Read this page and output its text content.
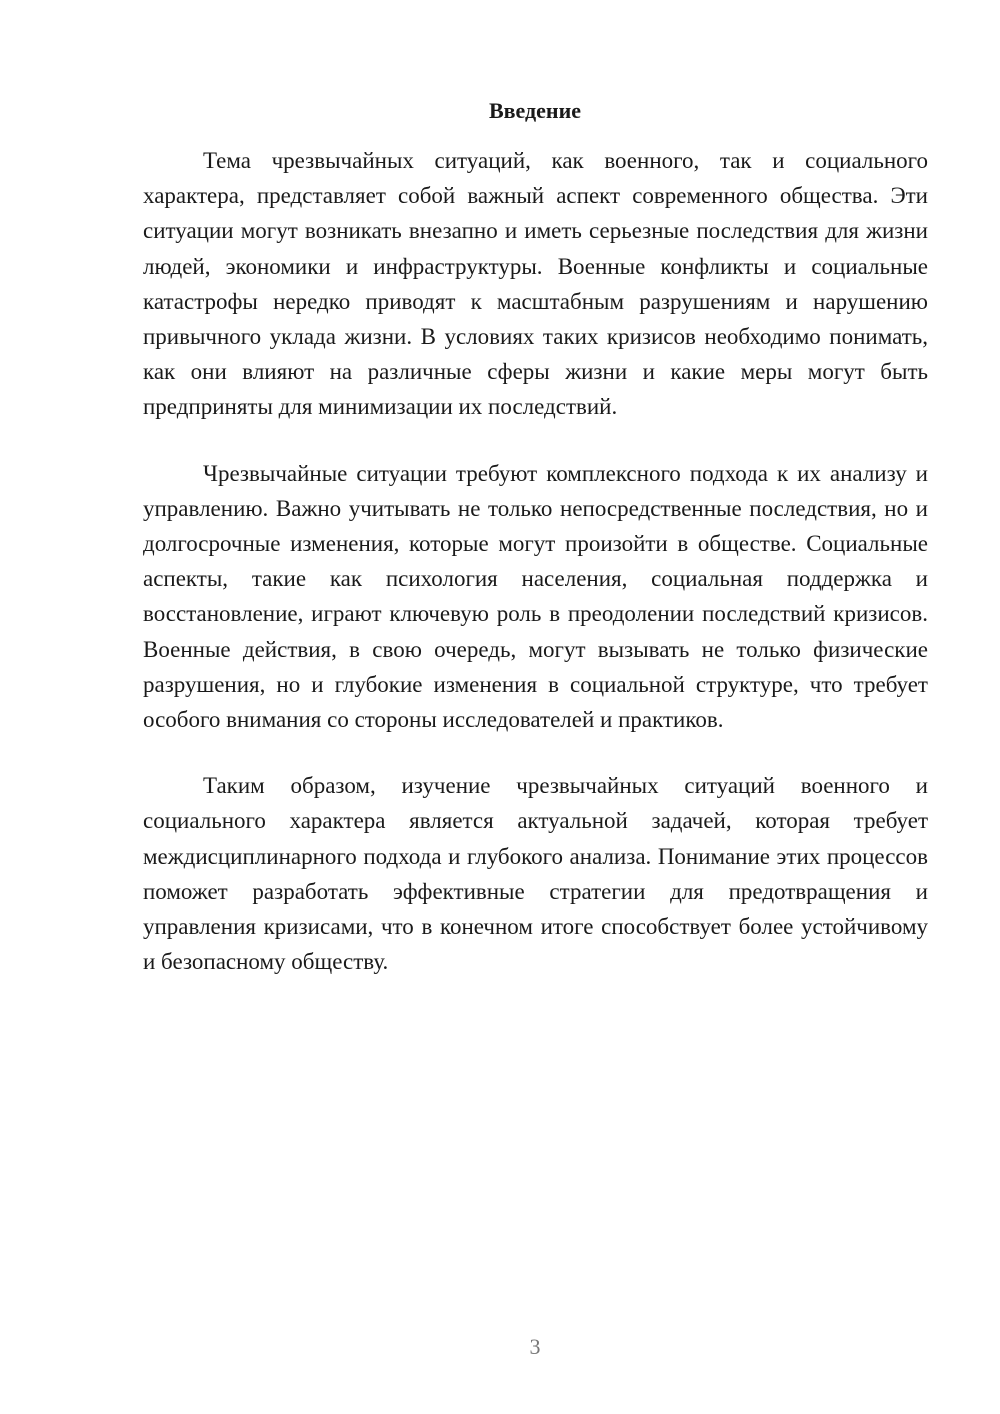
Введение

Тема чрезвычайных ситуаций, как военного, так и социального характера, представляет собой важный аспект современного общества. Эти ситуации могут возникать внезапно и иметь серьезные последствия для жизни людей, экономики и инфраструктуры. Военные конфликты и социальные катастрофы нередко приводят к масштабным разрушениям и нарушению привычного уклада жизни. В условиях таких кризисов необходимо понимать, как они влияют на различные сферы жизни и какие меры могут быть предприняты для минимизации их последствий.

Чрезвычайные ситуации требуют комплексного подхода к их анализу и управлению. Важно учитывать не только непосредственные последствия, но и долгосрочные изменения, которые могут произойти в обществе. Социальные аспекты, такие как психология населения, социальная поддержка и восстановление, играют ключевую роль в преодолении последствий кризисов. Военные действия, в свою очередь, могут вызывать не только физические разрушения, но и глубокие изменения в социальной структуре, что требует особого внимания со стороны исследователей и практиков.

Таким образом, изучение чрезвычайных ситуаций военного и социального характера является актуальной задачей, которая требует междисциплинарного подхода и глубокого анализа. Понимание этих процессов поможет разработать эффективные стратегии для предотвращения и управления кризисами, что в конечном итоге способствует более устойчивому и безопасному обществу.

3
